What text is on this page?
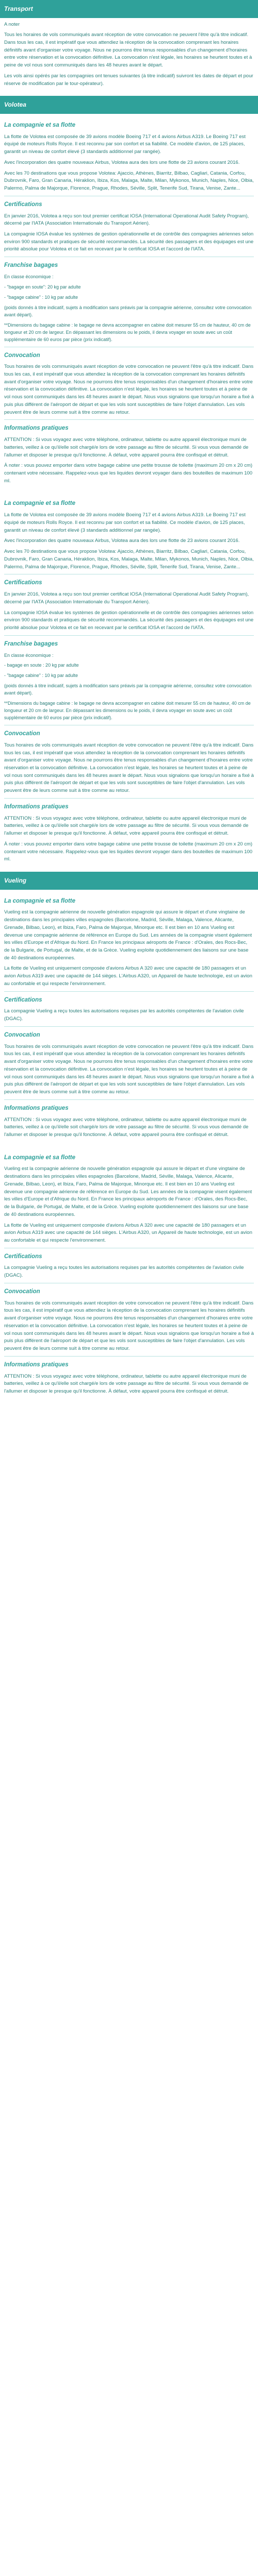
Transport

A noter

Tous les horaires de vols communiqués avant réception de votre convocation ne peuvent l'être qu'à titre indicatif. Dans tous les cas, il est impératif que vous attendiez la réception de la convocation comprenant les horaires définitifs avant d'organiser votre voyage. Nous ne pourrons être tenus responsables d'un changement d'horaires entre votre réservation et la convocation définitive. La convocation n'est légale, les horaires se heurtent toutes et à peine de vol nous sont communiqués dans les 48 heures avant le départ.

Les vols ainsi opérés par les compagnies ont tenues suivantes (à titre indicatif) suivront les dates de départ et pour réserve de modification par le tour-opérateur).

Volotea
La compagnie et sa flotte

La flotte de Volotea est composée de 39 avions modèle Boeing 717 et 4 avions Airbus A319. Le Boeing 717 est équipé de moteurs Rolls Royce. Il est reconnu par son confort et sa fiabilité. Ce modèle d'avion, de 125 places, garantit un niveau de confort élevé (3 standards additionnel par rangée).

Avec l'incorporation des quatre nouveaux Airbus, Volotea aura des lors une flotte de 23 avions courant 2016.

Avec les 70 destinations que vous propose Volotea: Ajaccio, Athènes, Biarritz, Bilbao, Cagliari, Catania, Corfou, Dubrovnik, Faro, Gran Canaria, Héraklion, Ibiza, Kos, Malaga, Malte, Milan, Mykonos, Munich, Naples, Nice, Olbia, Palermo, Palma de Majorque, Florence, Prague, Rhodes, Séville, Split, Tenerife Sud, Tirana, Venise, Zante...

Certifications

En janvier 2016, Volotea a reçu son tout premier certificat IOSA (International Operational Audit Safety Program), décerné par l'IATA (Association Internationale du Transport Aérien).

La compagnie IOSA évalue les systèmes de gestion opérationnelle et de contrôle des compagnies aériennes selon environ 900 standards et pratiques de sécurité recommandés. La sécurité des passagers et des équipages est une priorité absolue pour Volotea et ce fait en recevant par le certificat IOSA et l'accord de l'IATA.

Franchise bagages

En classe économique :

- "bagage en soute": 20 kg par adulte

- "bagage cabine" : 10 kg par adulte

(poids donnés à titre indicatif, sujets à modification sans préavis par la compagnie aérienne, consultez votre convocation avant départ).

**Dimensions du bagage cabine : le bagage ne devra accompagner en cabine doit mesurer 55 cm de hauteur, 40 cm de longueur et 20 cm de largeur. En dépassant les dimensions ou le poids, il devra voyager en soute avec un coût supplémentaire de 60 euros par pièce (prix indicatif).

Convocation

Tous horaires de vols communiqués avant réception de votre convocation ne peuvent l'être qu'à titre indicatif. Dans tous les cas, il est impératif que vous attendiez la réception de la convocation comprenant les horaires définitifs avant d'organiser votre voyage. Nous ne pourrons être tenus responsables d'un changement d'horaires entre votre réservation et la convocation définitive. La convocation n'est légale, les horaires se heurtent toutes et à peine de vol nous sont communiqués dans les 48 heures avant le départ. Nous vous signalons que lorsqu'un horaire a fixé à puis plus différent de l'aéroport de départ et que les vols sont susceptibles de faire l'objet d'annulation. Les vols peuvent être de leurs comme suit à titre comme au retour.

Informations pratiques

ATTENTION : Si vous voyagez avec votre téléphone, ordinateur, tablette ou autre appareil électronique muni de batteries, veillez à ce qu'il/elle soit chargé/e lors de votre passage au filtre de sécurité. Si vous vous demandé de l'allumer et disposer le presque qu'il fonctionne. À défaut, votre appareil pourra être confisqué et détruit.

À noter : vous pouvez emporter dans votre bagage cabine une petite trousse de toilette (maximum 20 cm x 20 cm) contenant votre nécessaire. Rappelez-vous que les liquides devront voyager dans des bouteilles de maximum 100 ml.

La compagnie et sa flotte

La flotte de Volotea est composée de 39 avions modèle Boeing 717 et 4 avions Airbus A319. Le Boeing 717 est équipé de moteurs Rolls Royce. Il est reconnu par son confort et sa fiabilité. Ce modèle d'avion, de 125 places, garantit un niveau de confort élevé (3 standards additionnel par rangée).

Avec l'incorporation des quatre nouveaux Airbus, Volotea aura des lors une flotte de 23 avions courant 2016.

Avec les 70 destinations que vous propose Volotea: Ajaccio, Athènes, Biarritz, Bilbao, Cagliari, Catania, Corfou, Dubrovnik, Faro, Gran Canaria, Héraklion, Ibiza, Kos, Malaga, Malte, Milan, Mykonos, Munich, Naples, Nice, Olbia, Palermo, Palma de Majorque, Florence, Prague, Rhodes, Séville, Split, Tenerife Sud, Tirana, Venise, Zante...

Certifications

En janvier 2016, Volotea a reçu son tout premier certificat IOSA (International Operational Audit Safety Program), décerné par l'IATA (Association Internationale du Transport Aérien).

La compagnie IOSA évalue les systèmes de gestion opérationnelle et de contrôle des compagnies aériennes selon environ 900 standards et pratiques de sécurité recommandés. La sécurité des passagers et des équipages est une priorité absolue pour Volotea et ce fait en recevant par le certificat IOSA et l'accord de l'IATA.

Franchise bagages

En classe économique :

- bagage en soute : 20 kg par adulte

- "bagage cabine" : 10 kg par adulte

(poids donnés à titre indicatif, sujets à modification sans préavis par la compagnie aérienne, consultez votre convocation avant départ).

**Dimensions du bagage cabine : le bagage ne devra accompagner en cabine doit mesurer 55 cm de hauteur, 40 cm de longueur et 20 cm de largeur. En dépassant les dimensions ou le poids, il devra voyager en soute avec un coût supplémentaire de 60 euros par pièce (prix indicatif).

Convocation

Tous horaires de vols communiqués avant réception de votre convocation ne peuvent l'être qu'à titre indicatif. Dans tous les cas, il est impératif que vous attendiez la réception de la convocation comprenant les horaires définitifs avant d'organiser votre voyage. Nous ne pourrons être tenus responsables d'un changement d'horaires entre votre réservation et la convocation définitive. La convocation n'est légale, les horaires se heurtent toutes et à peine de vol nous sont communiqués dans les 48 heures avant le départ. Nous vous signalons que lorsqu'un horaire a fixé à puis plus différent de l'aéroport de départ et que les vols sont susceptibles de faire l'objet d'annulation. Les vols peuvent être de leurs comme suit à titre comme au retour.

Informations pratiques

ATTENTION : Si vous voyagez avec votre téléphone, ordinateur, tablette ou autre appareil électronique muni de batteries, veillez à ce qu'il/elle soit chargé/e lors de votre passage au filtre de sécurité. Si vous vous demandé de l'allumer et disposer le presque qu'il fonctionne. À défaut, votre appareil pourra être confisqué et détruit.

À noter : vous pouvez emporter dans votre bagage cabine une petite trousse de toilette (maximum 20 cm x 20 cm) contenant votre nécessaire. Rappelez-vous que les liquides devront voyager dans des bouteilles de maximum 100 ml.

Vueling
La compagnie et sa flotte

Vueling est la compagnie aérienne de nouvelle génération espagnole qui assure le départ et d'une vingtaine de destinations dans les principales villes espagnoles (Barcelone, Madrid, Séville, Malaga, Valence, Alicante, Grenade, Bilbao, Leon), et Ibiza, Faro, Palma de Majorque, Minorque etc. Il est bien en 10 ans Vueling est devenue une compagnie aérienne de référence en Europe du Sud. Les années de la compagnie visent également les villes d'Europe et d'Afrique du Nord. En France les principaux aéroports de France : d'Orales, des Rocs-Bec, de la Bulgarie, de Portugal, de Malte, et de la Grèce. Vueling exploite quotidiennement des liaisons sur une base de 40 destinations européennes.

La flotte de Vueling est uniquement composée d'avions Airbus A 320 avec une capacité de 180 passagers et un avion Airbus A319 avec une capacité de 144 sièges. L'Airbus A320, un Appareil de haute technologie, est un avion au confortable et qui respecte l'environnement.

Certifications

La compagnie Vueling a reçu toutes les autorisations requises par les autorités compétentes de l'aviation civile (DGAC).

Convocation

Tous horaires de vols communiqués avant réception de votre convocation ne peuvent l'être qu'à titre indicatif. Dans tous les cas, il est impératif que vous attendiez la réception de la convocation comprenant les horaires définitifs avant d'organiser votre voyage. Nous ne pourrons être tenus responsables d'un changement d'horaires entre votre réservation et la convocation définitive. La convocation n'est légale, les horaires se heurtent toutes et à peine de vol nous sont communiqués dans les 48 heures avant le départ. Nous vous signalons que lorsqu'un horaire a fixé à puis plus différent de l'aéroport de départ et que les vols sont susceptibles de faire l'objet d'annulation. Les vols peuvent être de leurs comme suit à titre comme au retour.

Informations pratiques

ATTENTION : Si vous voyagez avec votre téléphone, ordinateur, tablette ou autre appareil électronique muni de batteries, veillez à ce qu'il/elle soit chargé/e lors de votre passage au filtre de sécurité. Si vous vous demandé de l'allumer et disposer le presque qu'il fonctionne. À défaut, votre appareil pourra être confisqué et détruit.

La compagnie et sa flotte

Vueling est la compagnie aérienne de nouvelle génération espagnole qui assure le départ et d'une vingtaine de destinations dans les principales villes espagnoles (Barcelone, Madrid, Séville, Malaga, Valence, Alicante, Grenade, Bilbao, Leon), et Ibiza, Faro, Palma de Majorque, Minorque etc. Il est bien en 10 ans Vueling est devenue une compagnie aérienne de référence en Europe du Sud. Les années de la compagnie visent également les villes d'Europe et d'Afrique du Nord. En France les principaux aéroports de France : d'Orales, des Rocs-Bec, de la Bulgarie, de Portugal, de Malte, et de la Grèce. Vueling exploite quotidiennement des liaisons sur une base de 40 destinations européennes.

La flotte de Vueling est uniquement composée d'avions Airbus A 320 avec une capacité de 180 passagers et un avion Airbus A319 avec une capacité de 144 sièges. L'Airbus A320, un Appareil de haute technologie, est un avion au confortable et qui respecte l'environnement.

Certifications

La compagnie Vueling a reçu toutes les autorisations requises par les autorités compétentes de l'aviation civile (DGAC).

Convocation

Tous horaires de vols communiqués avant réception de votre convocation ne peuvent l'être qu'à titre indicatif. Dans tous les cas, il est impératif que vous attendiez la réception de la convocation comprenant les horaires définitifs avant d'organiser votre voyage. Nous ne pourrons être tenus responsables d'un changement d'horaires entre votre réservation et la convocation définitive. La convocation n'est légale, les horaires se heurtent toutes et à peine de vol nous sont communiqués dans les 48 heures avant le départ. Nous vous signalons que lorsqu'un horaire a fixé à puis plus différent de l'aéroport de départ et que les vols sont susceptibles de faire l'objet d'annulation. Les vols peuvent être de leurs comme suit à titre comme au retour.

Informations pratiques

ATTENTION : Si vous voyagez avec votre téléphone, ordinateur, tablette ou autre appareil électronique muni de batteries, veillez à ce qu'il/elle soit chargé/e lors de votre passage au filtre de sécurité. Si vous vous demandé de l'allumer et disposer le presque qu'il fonctionne. À défaut, votre appareil pourra être confisqué et détruit.
